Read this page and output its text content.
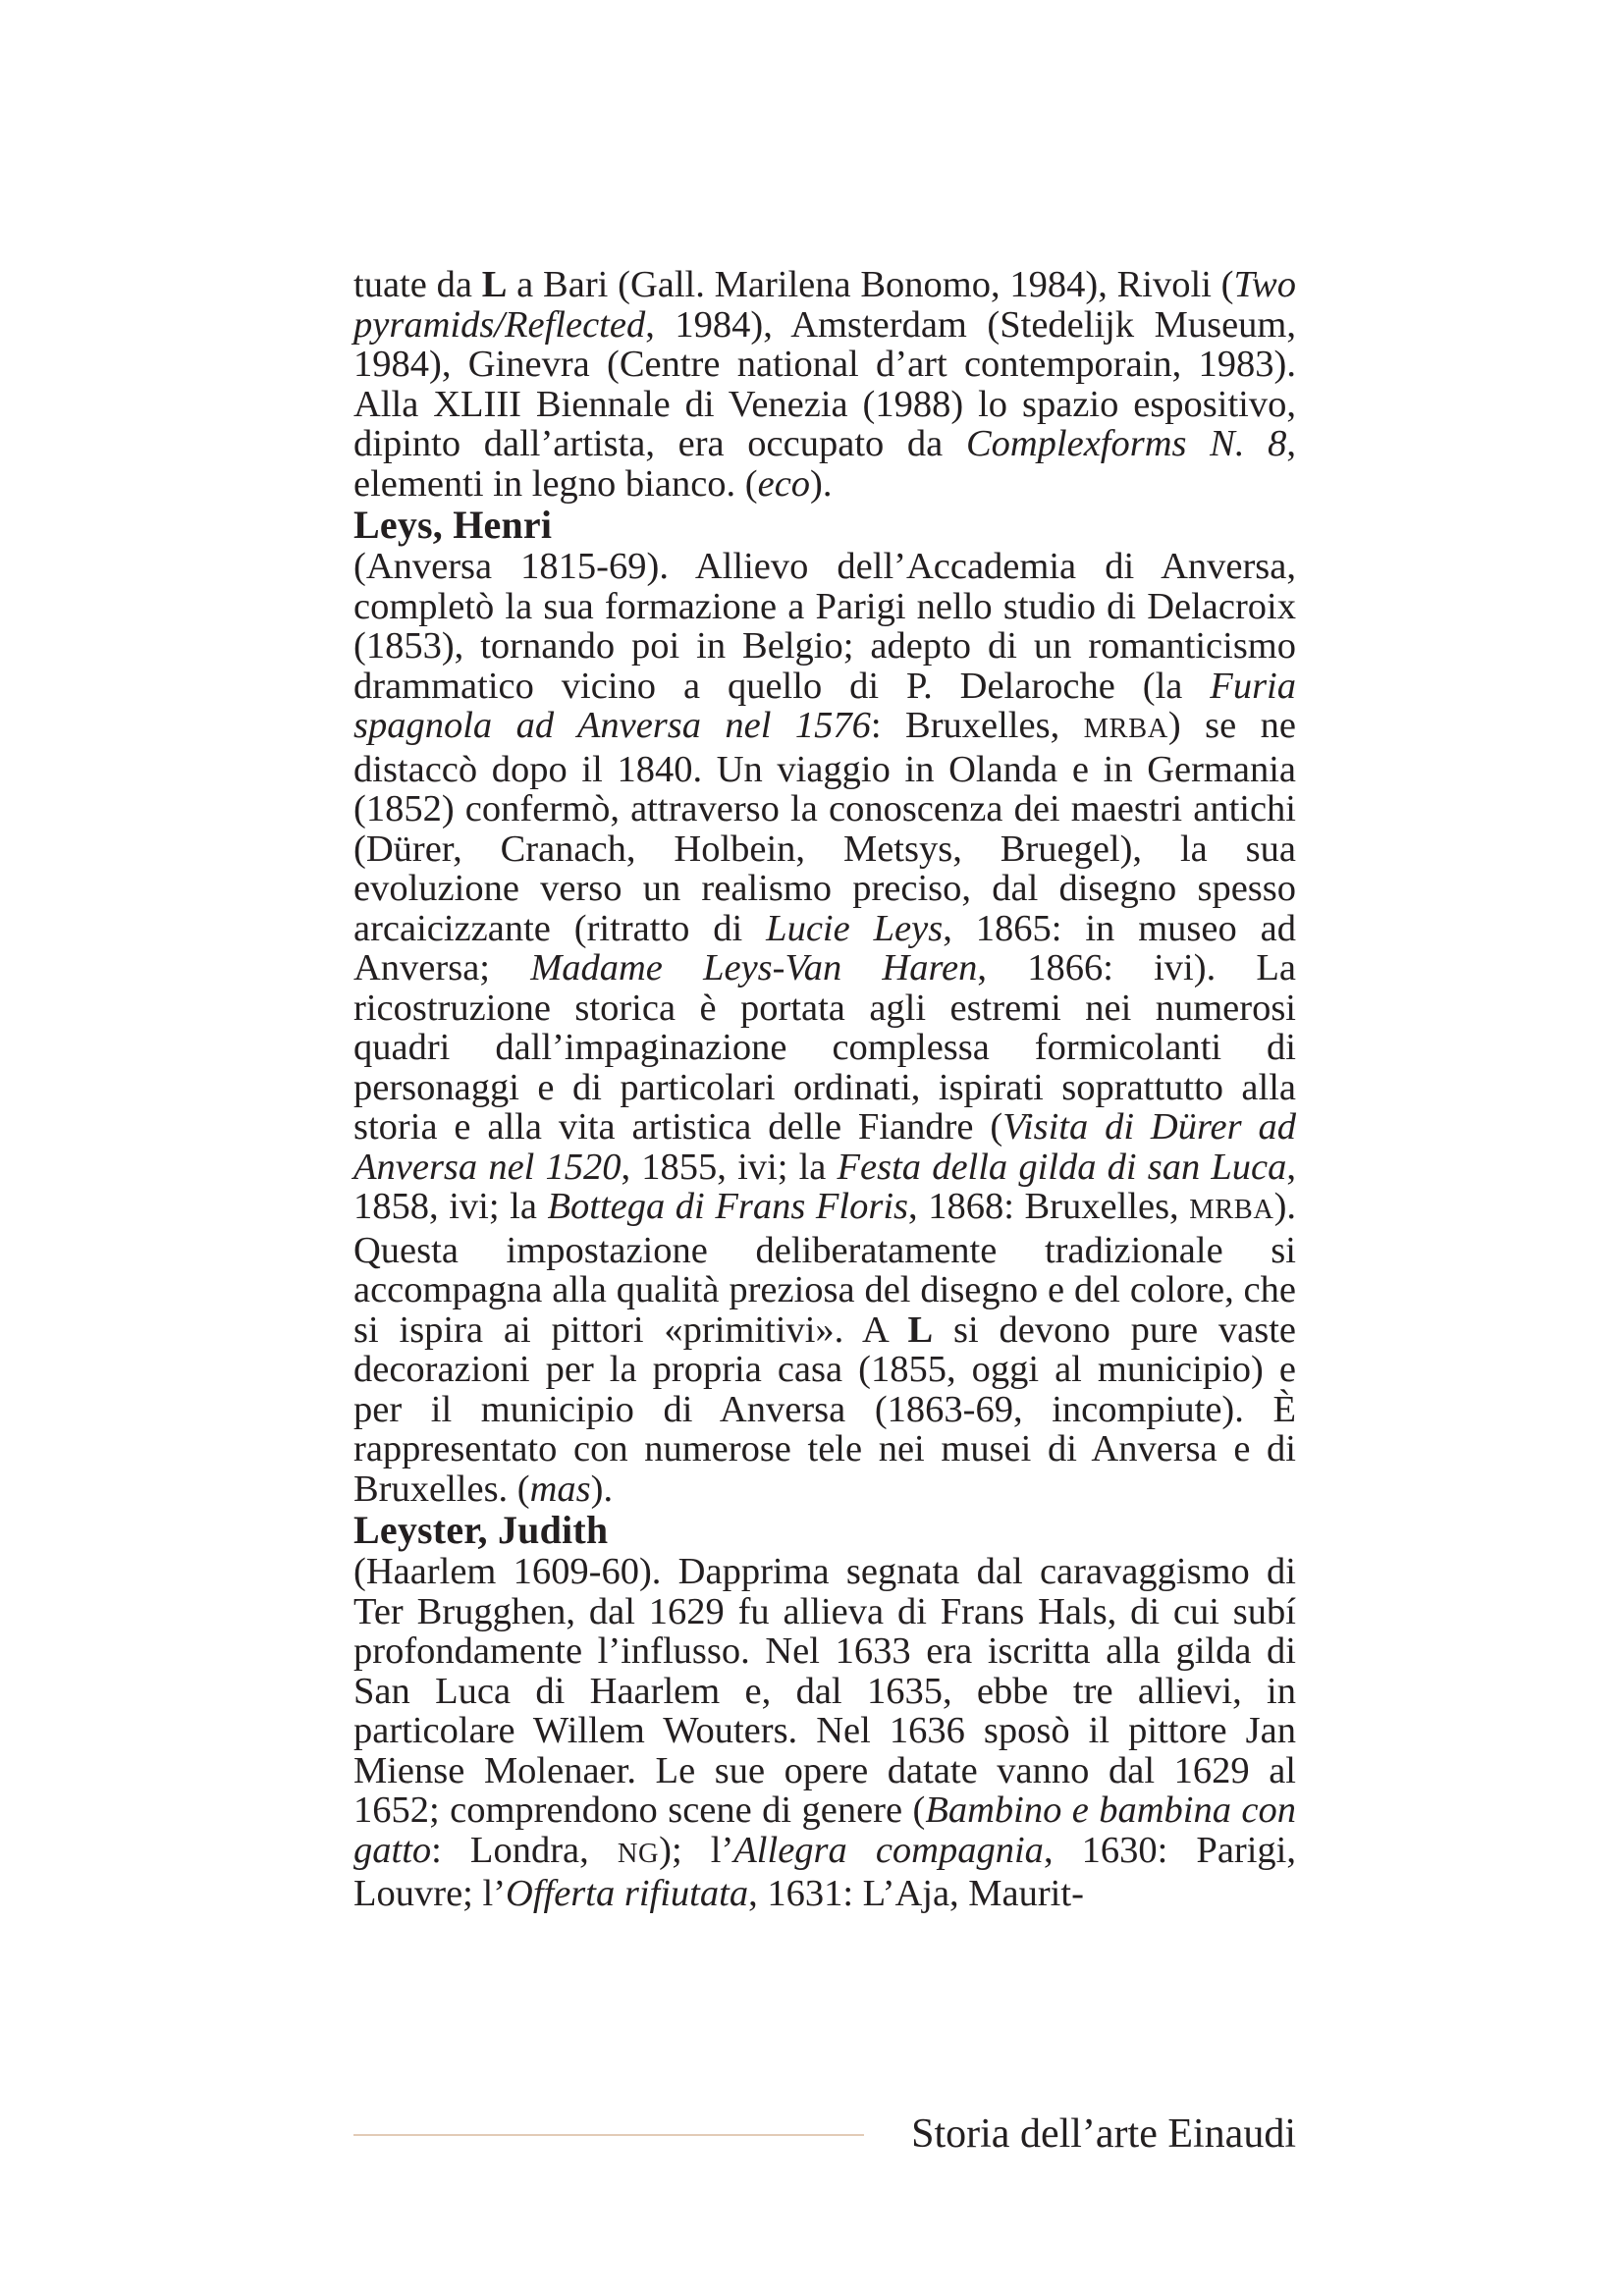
tuate da L a Bari (Gall. Marilena Bonomo, 1984), Rivoli (Two pyramids/Reflected, 1984), Amsterdam (Stedelijk Museum, 1984), Ginevra (Centre national d’art contemporain, 1983). Alla XLIII Biennale di Venezia (1988) lo spazio espositivo, dipinto dall’artista, era occupato da Complexforms N. 8, elementi in legno bianco. (eco).

Leys, Henri

(Anversa 1815-69). Allievo dell’Accademia di Anversa, completò la sua formazione a Parigi nello studio di Delacroix (1853), tornando poi in Belgio; adepto di un romanticismo drammatico vicino a quello di P. Delaroche (la Furia spagnola ad Anversa nel 1576: Bruxelles, MRBA) se ne distaccò dopo il 1840. Un viaggio in Olanda e in Germania (1852) confermò, attraverso la conoscenza dei maestri antichi (Dürer, Cranach, Holbein, Metsys, Bruegel), la sua evoluzione verso un realismo preciso, dal disegno spesso arcaicizzante (ritratto di Lucie Leys, 1865: in museo ad Anversa; Madame Leys-Van Haren, 1866: ivi). La ricostruzione storica è portata agli estremi nei numerosi quadri dall’impaginazione complessa formicolanti di personaggi e di particolari ordinati, ispirati soprattutto alla storia e alla vita artistica delle Fiandre (Visita di Dürer ad Anversa nel 1520, 1855, ivi; la Festa della gilda di san Luca, 1858, ivi; la Bottega di Frans Floris, 1868: Bruxelles, MRBA). Questa impostazione deliberatamente tradizionale si accompagna alla qualità preziosa del disegno e del colore, che si ispira ai pittori «primitivi». A L si devono pure vaste decorazioni per la propria casa (1855, oggi al municipio) e per il municipio di Anversa (1863-69, incompiute). È rappresentato con numerose tele nei musei di Anversa e di Bruxelles. (mas).

Leyster, Judith

(Haarlem 1609-60). Dapprima segnata dal caravaggismo di Ter Brugghen, dal 1629 fu allieva di Frans Hals, di cui subí profondamente l’influsso. Nel 1633 era iscritta alla gilda di San Luca di Haarlem e, dal 1635, ebbe tre allievi, in particolare Willem Wouters. Nel 1636 sposò il pittore Jan Miense Molenaer. Le sue opere datate vanno dal 1629 al 1652; comprendono scene di genere (Bambino e bambina con gatto: Londra, NG); l’Allegra compagnia, 1630: Parigi, Louvre; l’Offerta rifiutata, 1631: L’Aja, Maurit-

Storia dell’arte Einaudi
